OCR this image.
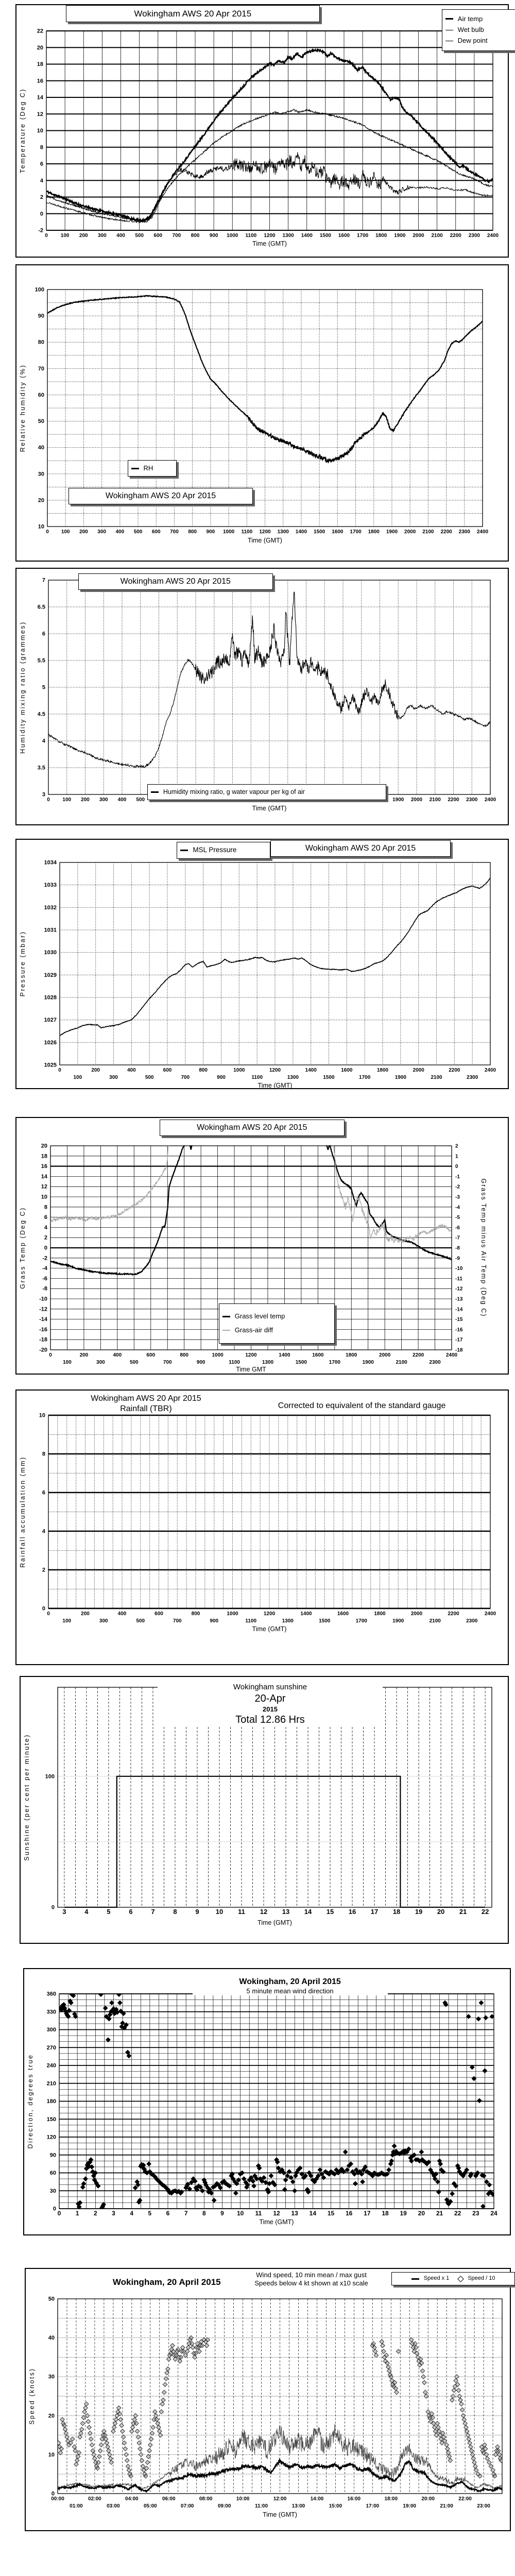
-2
0
2
4
6
8
10
12
14
16
18
20
22
0	100 200 300 400 500 600 700 800 900 1000 1100 1200 1300 1400 1500 1600 1700 1800 1900 2000 2100 2200 2300 2400
Time (GMT)
Temperature (Deg C)
Wokingham AWS 20 Apr 2015
Air temp
Wet bulb
Dew point
10
20
30
40
50
60
70
80
90
100
0 100 200 300 400 500 600 700 800 900 1000 1100 1200 1300 1400 1500 1600 1700 1800 1900 2000 2100 2200 2300 2400
Time (GMT)
Relative humidity (%)
RH
Wokingham AWS 20 Apr 2015
3
3.5
4
4.5
5
5.5
6
6.5
7
0 100 200 300 400 500	1900 2000 2100 2200 2300 2400
Time (GMT)
Humidity mixing ratio (grammes)
Wokingham AWS 20 Apr 2015
Humidity mixing ratio, g water vapour per kg of air
1025
1026
1027
1028
1029
1030
1031
1032
1033
1034
0	200	400	600	800	1000	1200	1400	1600	1800	2000	2200	2400
100	300	500	700	900	1100	1300	1500	1700	1900	2100	2300
Time (GMT)
Pressure (mbar)
MSL Pressure	Wokingham AWS 20 Apr 2015
-20
-18
-16
-14
-12
-10
-8
-6
-4
-2
0
2
4
6
8
10
12
14
16
18
20	2
1
0
-1
-2
-3
-4
-5
-6
-7
-8
-9
-10
-11
-12
-13
-14
-15
-16
-17
-18
0	200	400	600	800	1000	1200	1400	1600	1800	2000	2200	2400
100	300	500	700	900	1100	1300	1500	1700	1900	2100	2300
Time GMT
Grass Temp (Deg C)	Grass Temp minus Air Temp (Deg C)
Wokingham AWS 20 Apr 2015
Grass level temp
Grass-air diff
0
2
4
6
8
10
0	200	400	600	800	1000	1200	1400	1600	1800	2000	2200	2400
100	300	500	700	900	1100	1300	1500	1700	1900	2100	2300
Time (GMT)
Rainfall accumulation (mm)
Wokingham AWS 20 Apr 2015
Rainfall (TBR)	Corrected to equivalent of the standard gauge
0
100
3	4	5	6	7	8	9 10 11 12 13 14 15 16 17 18 19 20 21 22
Time (GMT)
Sunshine (per cent per minute)
Wokingham sunshine
20-Apr
2015
Total 12.86 Hrs
0
30
60
90
120
150
180
210
240
270
300
330
360
0 1 2 3 4 5 6 7 8 9 10 11 12 13 14 15 16 17 18 19 20 21 22 23 24
Time (GMT)
Direction, degrees true
Wokingham, 20 April 2015
5 minute mean wind direction
0
10
20
30
40
50
00:00	02:00	04:00	06:00	08:00	10:00	12:00	14:00	16:00	18:00	20:00	22:00
01:00	03:00	05:00	07:00	09:00	11:00	13:00	15:00	17:00	19:00	21:00	23:00
Time (GMT)
Speed (knots)
Wokingham, 20 April 2015
Wind speed, 10 min mean / max gust
Speeds below 4 kt shown at x10 scale
Speed x 1	Speed / 10
